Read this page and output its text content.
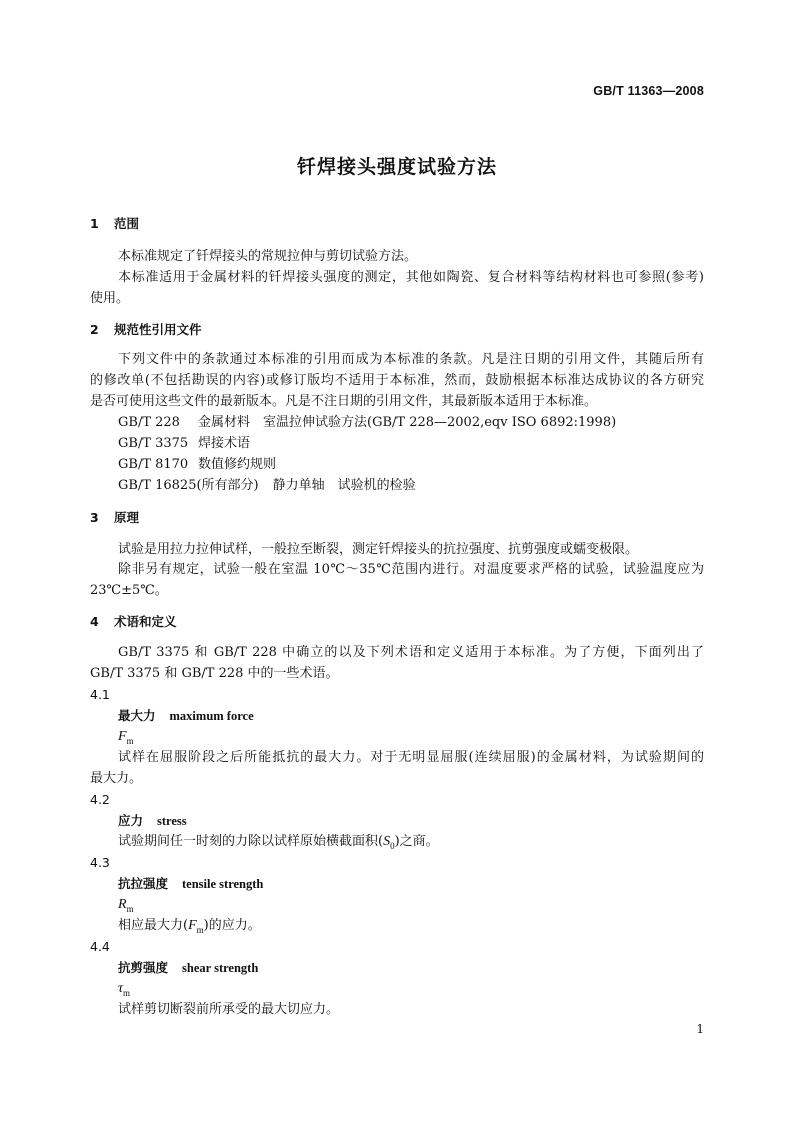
GB/T 11363—2008
钎焊接头强度试验方法
1 范围
本标准规定了钎焊接头的常规拉伸与剪切试验方法。
本标准适用于金属材料的钎焊接头强度的测定，其他如陶瓷、复合材料等结构材料也可参照(参考)
使用。
2 规范性引用文件
下列文件中的条款通过本标准的引用而成为本标准的条款。凡是注日期的引用文件，其随后所有
的修改单(不包括勘误的内容)或修订版均不适用于本标准，然而，鼓励根据本标准达成协议的各方研究
是否可使用这些文件的最新版本。凡是不注日期的引用文件，其最新版本适用于本标准。
GB/T 228 金属材料　室温拉伸试验方法(GB/T 228—2002,eqv ISO 6892:1998)
GB/T 3375 焊接术语
GB/T 8170 数值修约规则
GB/T 16825(所有部分) 静力单轴　试验机的检验
3 原理
试验是用拉力拉伸试样，一般拉至断裂，测定钎焊接头的抗拉强度、抗剪强度或蠕变极限。
除非另有规定，试验一般在室温 10℃～35℃范围内进行。对温度要求严格的试验，试验温度应为
23℃±5℃。
4 术语和定义
GB/T 3375 和 GB/T 228 中确立的以及下列术语和定义适用于本标准。为了方便，下面列出了
GB/T 3375 和 GB/T 228 中的一些术语。
4.1
最大力 maximum force
$F_m$
试样在屈服阶段之后所能抵抗的最大力。对于无明显屈服(连续屈服)的金属材料，为试验期间的
最大力。
4.2
应力 stress
试验期间任一时刻的力除以试样原始横截面积$(S_0)$之商。
4.3
抗拉强度 tensile strength
$R_m$
相应最大力$(F_m)$的应力。
4.4
抗剪强度 shear strength
$\tau_m$
试样剪切断裂前所承受的最大切应力。
1
